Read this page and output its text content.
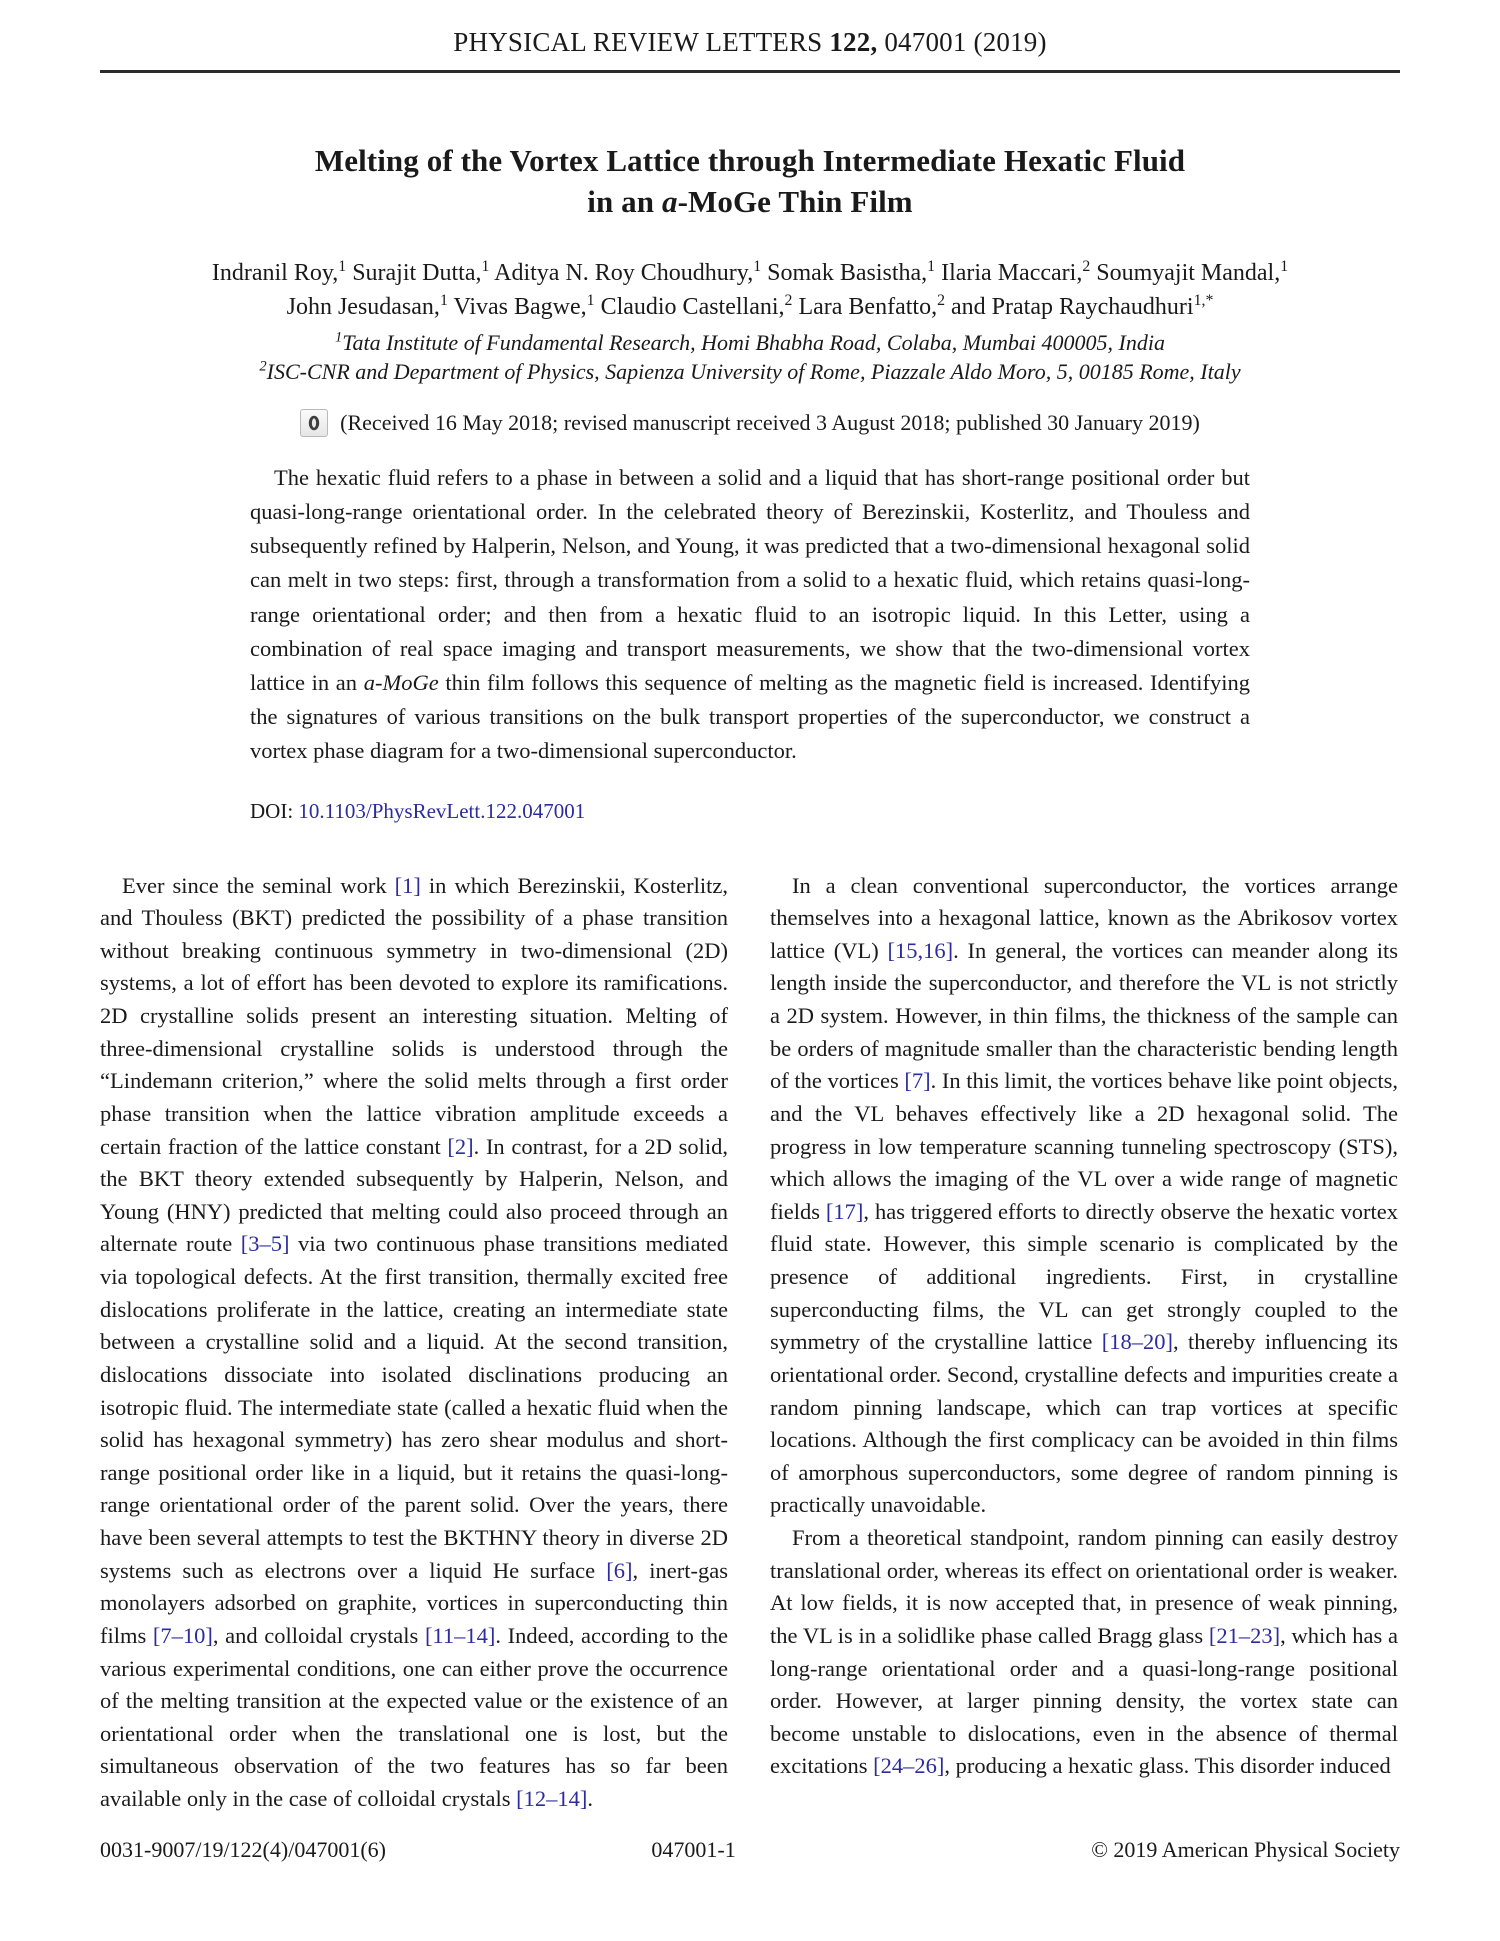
PHYSICAL REVIEW LETTERS 122, 047001 (2019)
Melting of the Vortex Lattice through Intermediate Hexatic Fluid
in an a-MoGe Thin Film
Indranil Roy,$^1$ Surajit Dutta,$^1$ Aditya N. Roy Choudhury,$^1$ Somak Basistha,$^1$ Ilaria Maccari,$^2$ Soumyajit Mandal,$^1$
John Jesudasan,$^1$ Vivas Bagwe,$^1$ Claudio Castellani,$^2$ Lara Benfatto,$^2$ and Pratap Raychaudhuri$^{1,*}$
$^1$Tata Institute of Fundamental Research, Homi Bhabha Road, Colaba, Mumbai 400005, India
$^2$ISC-CNR and Department of Physics, Sapienza University of Rome, Piazzale Aldo Moro, 5, 00185 Rome, Italy
(Received 16 May 2018; revised manuscript received 3 August 2018; published 30 January 2019)
The hexatic fluid refers to a phase in between a solid and a liquid that has short-range positional order but quasi-long-range orientational order. In the celebrated theory of Berezinskii, Kosterlitz, and Thouless and subsequently refined by Halperin, Nelson, and Young, it was predicted that a two-dimensional hexagonal solid can melt in two steps: first, through a transformation from a solid to a hexatic fluid, which retains quasi-long-range orientational order; and then from a hexatic fluid to an isotropic liquid. In this Letter, using a combination of real space imaging and transport measurements, we show that the two-dimensional vortex lattice in an a-MoGe thin film follows this sequence of melting as the magnetic field is increased. Identifying the signatures of various transitions on the bulk transport properties of the superconductor, we construct a vortex phase diagram for a two-dimensional superconductor.
DOI: 10.1103/PhysRevLett.122.047001

Ever since the seminal work [1] in which Berezinskii, Kosterlitz, and Thouless (BKT) predicted the possibility of a phase transition without breaking continuous symmetry in two-dimensional (2D) systems, a lot of effort has been devoted to explore its ramifications. 2D crystalline solids present an interesting situation. Melting of three-dimensional crystalline solids is understood through the “Lindemann criterion,” where the solid melts through a first order phase transition when the lattice vibration amplitude exceeds a certain fraction of the lattice constant [2]. In contrast, for a 2D solid, the BKT theory extended subsequently by Halperin, Nelson, and Young (HNY) predicted that melting could also proceed through an alternate route [3–5] via two continuous phase transitions mediated via topological defects. At the first transition, thermally excited free dislocations proliferate in the lattice, creating an intermediate state between a crystalline solid and a liquid. At the second transition, dislocations dissociate into isolated disclinations producing an isotropic fluid. The intermediate state (called a hexatic fluid when the solid has hexagonal symmetry) has zero shear modulus and short-range positional order like in a liquid, but it retains the quasi-long-range orientational order of the parent solid. Over the years, there have been several attempts to test the BKTHNY theory in diverse 2D systems such as electrons over a liquid He surface [6], inert-gas monolayers adsorbed on graphite, vortices in superconducting thin films [7–10], and colloidal crystals [11–14]. Indeed, according to the various experimental conditions, one can either prove the occurrence of the melting transition at the expected value or the existence of an orientational order when the translational one is lost, but the simultaneous observation of the two features has so far been available only in the case of colloidal crystals [12–14].

In a clean conventional superconductor, the vortices arrange themselves into a hexagonal lattice, known as the Abrikosov vortex lattice (VL) [15,16]. In general, the vortices can meander along its length inside the superconductor, and therefore the VL is not strictly a 2D system. However, in thin films, the thickness of the sample can be orders of magnitude smaller than the characteristic bending length of the vortices [7]. In this limit, the vortices behave like point objects, and the VL behaves effectively like a 2D hexagonal solid. The progress in low temperature scanning tunneling spectroscopy (STS), which allows the imaging of the VL over a wide range of magnetic fields [17], has triggered efforts to directly observe the hexatic vortex fluid state. However, this simple scenario is complicated by the presence of additional ingredients. First, in crystalline superconducting films, the VL can get strongly coupled to the symmetry of the crystalline lattice [18–20], thereby influencing its orientational order. Second, crystalline defects and impurities create a random pinning landscape, which can trap vortices at specific locations. Although the first complicacy can be avoided in thin films of amorphous superconductors, some degree of random pinning is practically unavoidable.

From a theoretical standpoint, random pinning can easily destroy translational order, whereas its effect on orientational order is weaker. At low fields, it is now accepted that, in presence of weak pinning, the VL is in a solidlike phase called Bragg glass [21–23], which has a long-range orientational order and a quasi-long-range positional order. However, at larger pinning density, the vortex state can become unstable to dislocations, even in the absence of thermal excitations [24–26], producing a hexatic glass. This disorder induced

0031-9007/19/122(4)/047001(6)	047001-1	© 2019 American Physical Society
